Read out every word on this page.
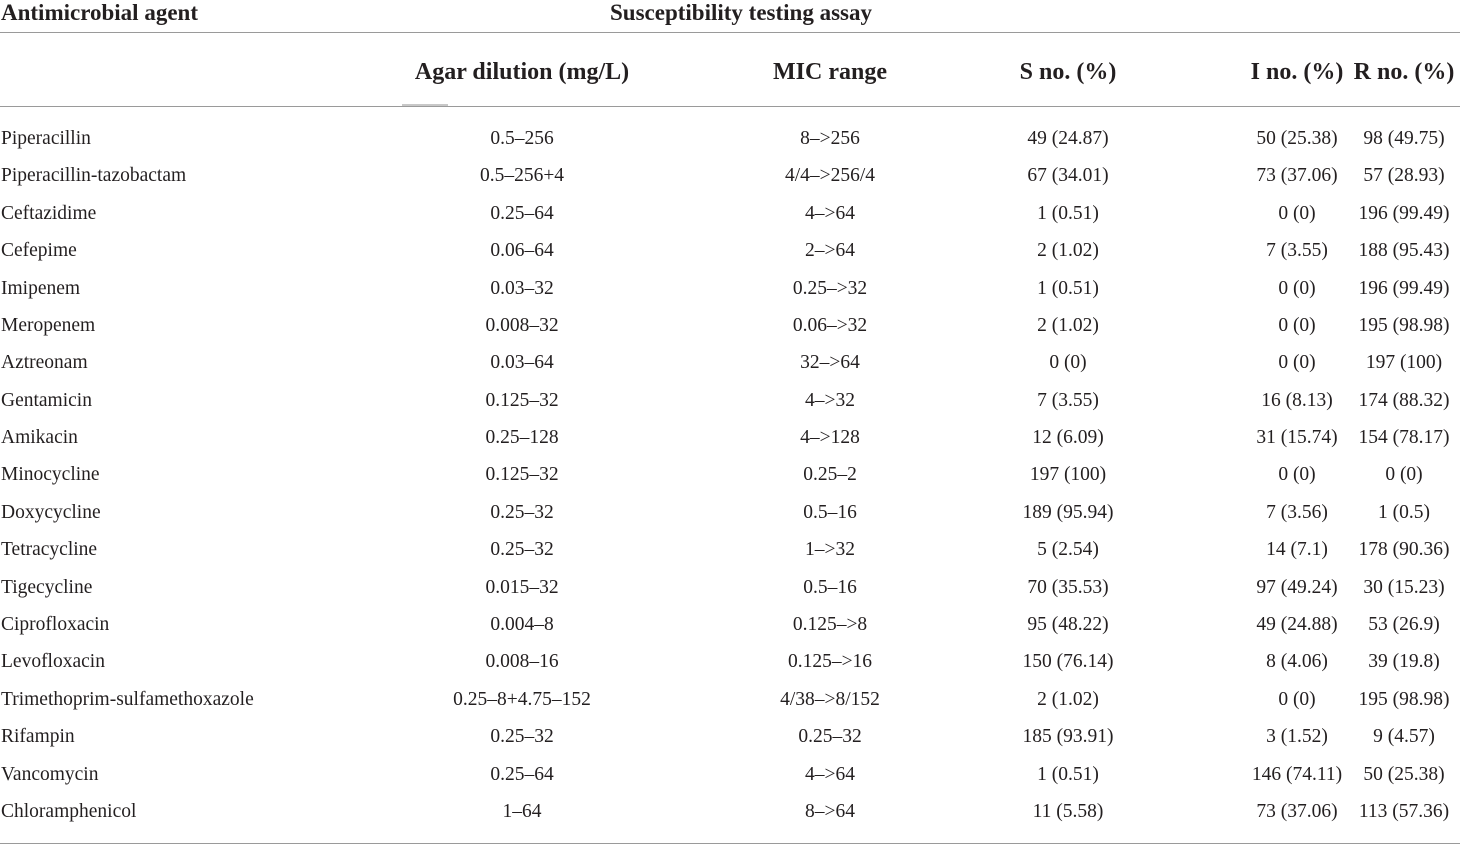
Antimicrobial agent	Susceptibility testing assay
Agar dilution (mg/L)	MIC range	S no. (%)	I no. (%) R no. (%)
Piperacillin	0.5–256	8–>256	49 (24.87)	50 (25.38) 98 (49.75)
Piperacillin-tazobactam	0.5–256+4	4/4–>256/4	67 (34.01)	73 (37.06) 57 (28.93)
Ceftazidime	0.25–64	4–>64	1 (0.51)	0 (0) 196 (99.49)
Cefepime	0.06–64	2–>64	2 (1.02)	7 (3.55) 188 (95.43)
Imipenem	0.03–32	0.25–>32	1 (0.51)	0 (0) 196 (99.49)
Meropenem	0.008–32	0.06–>32	2 (1.02)	0 (0) 195 (98.98)
Aztreonam	0.03–64	32–>64	0 (0)	0 (0)	197 (100)
Gentamicin	0.125–32	4–>32	7 (3.55)	16 (8.13) 174 (88.32)
Amikacin	0.25–128	4–>128	12 (6.09)	31 (15.74) 154 (78.17)
Minocycline	0.125–32	0.25–2	197 (100)	0 (0)	0 (0)
Doxycycline	0.25–32	0.5–16	189 (95.94)	7 (3.56)	1 (0.5)
Tetracycline	0.25–32	1–>32	5 (2.54)	14 (7.1) 178 (90.36)
Tigecycline	0.015–32	0.5–16	70 (35.53)	97 (49.24) 30 (15.23)
Ciprofloxacin	0.004–8	0.125–>8	95 (48.22)	49 (24.88) 53 (26.9)
Levofloxacin	0.008–16	0.125–>16	150 (76.14)	8 (4.06) 39 (19.8)
Trimethoprim-sulfamethoxazole	0.25–8+4.75–152	4/38–>8/152	2 (1.02)	0 (0) 195 (98.98)
Rifampin	0.25–32	0.25–32	185 (93.91)	3 (1.52) 9 (4.57)
Vancomycin	0.25–64	4–>64	1 (0.51)	146 (74.11) 50 (25.38)
Chloramphenicol	1–64	8–>64	11 (5.58)	73 (37.06) 113 (57.36)
